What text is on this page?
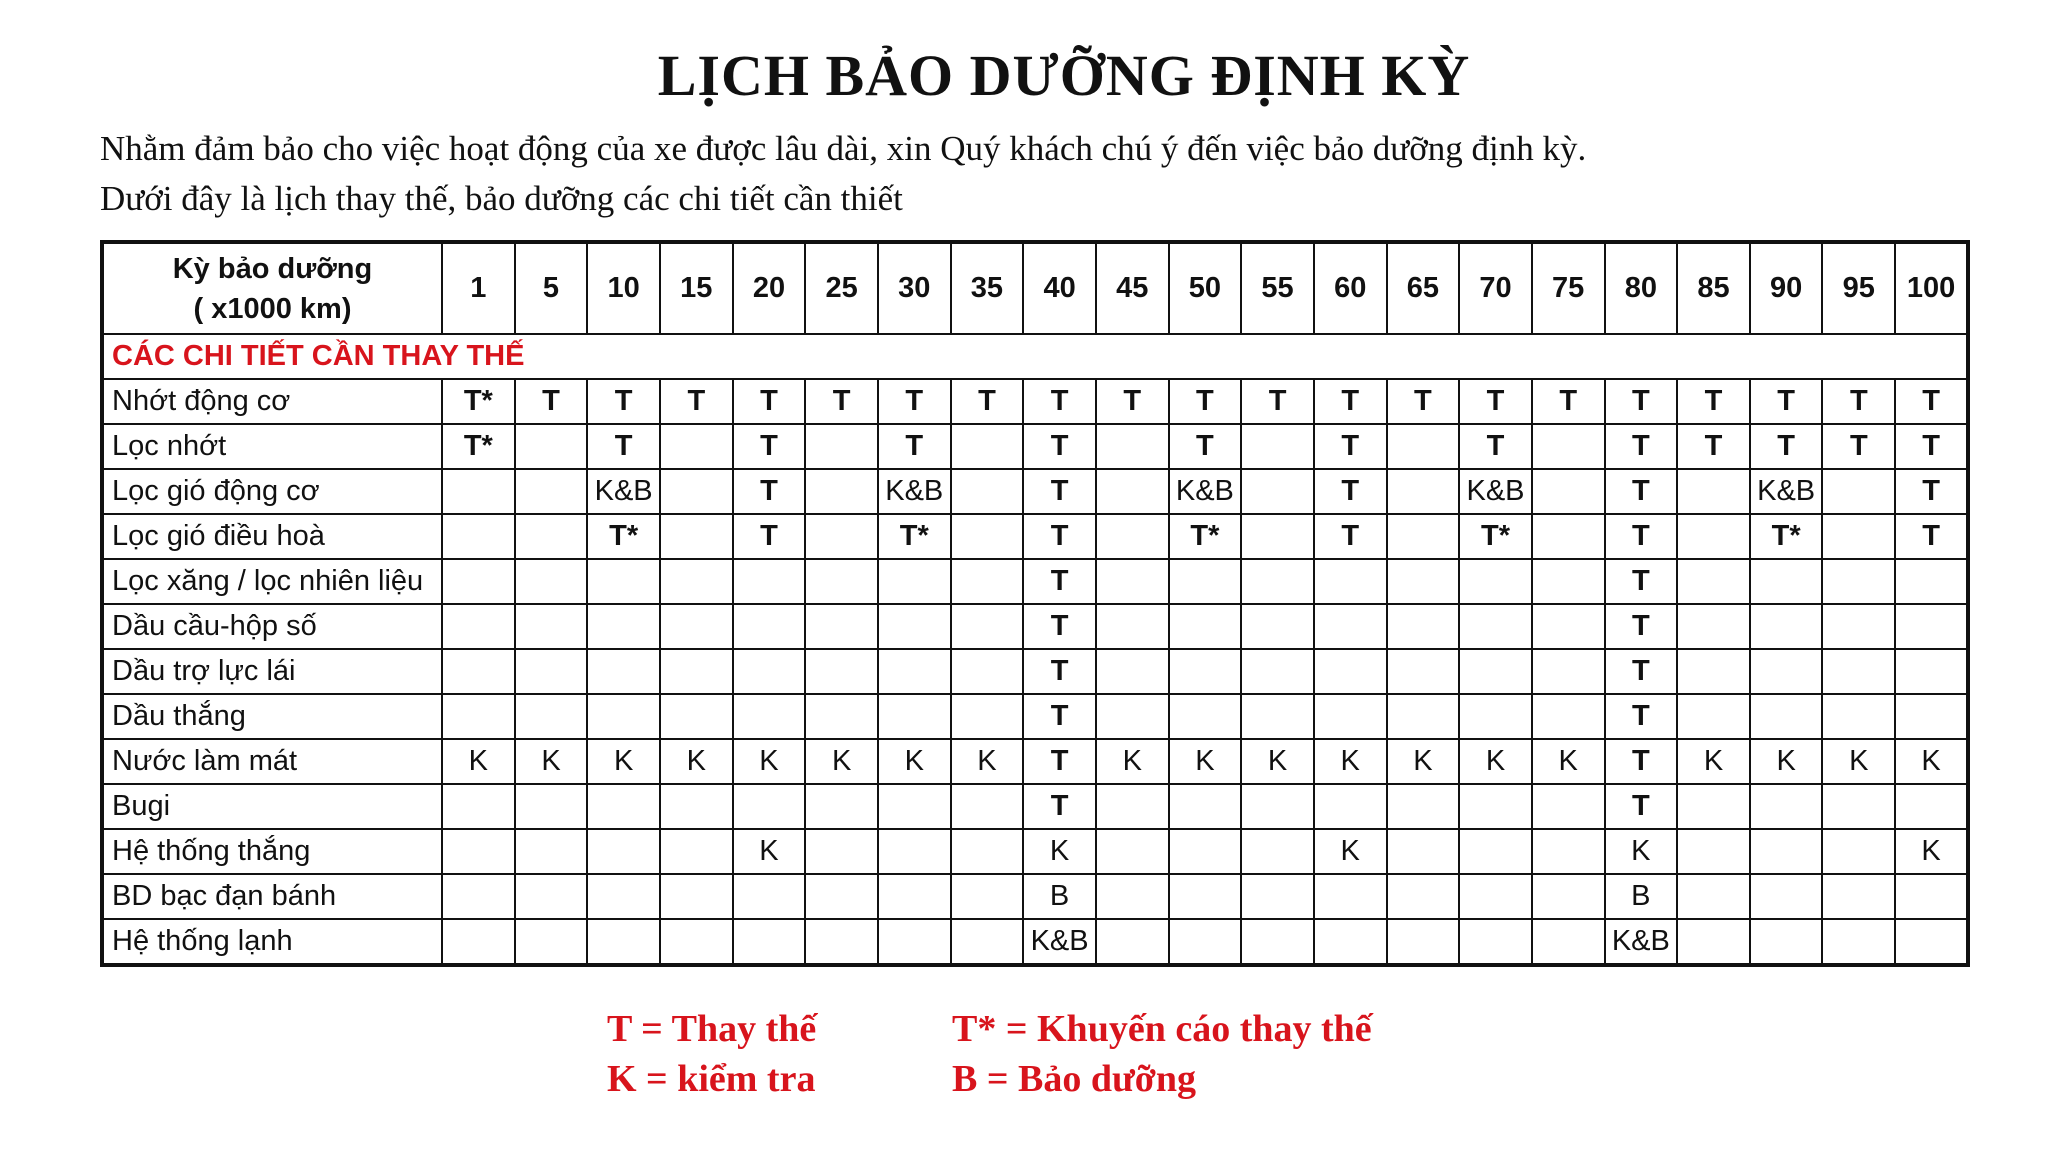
LỊCH BẢO DƯỠNG ĐỊNH KỲ
Nhằm đảm bảo cho việc hoạt động của xe được lâu dài, xin Quý khách chú ý đến việc bảo dưỡng định kỳ.
Dưới đây là lịch thay thế, bảo dưỡng các chi tiết cần thiết
Kỳ bảo dưỡng
( x1000 km)	1	5	10	15	20	25	30	35	40	45	50	55	60	65	70	75	80	85	90	95	100
CÁC CHI TIẾT CẦN THAY THẾ																					
Nhớt động cơ	T*	T	T	T	T	T	T	T	T	T	T	T	T	T	T	T	T	T	T	T	T
Lọc nhớt	T*		T		T		T		T		T		T		T		T	T	T	T	T
Lọc gió động cơ			K&B		T		K&B		T		K&B		T		K&B		T		K&B		T
Lọc gió điều hoà			T*		T		T*		T		T*		T		T*		T		T*		T
Lọc xăng / lọc nhiên liệu									T								T				
Dầu cầu-hộp số									T								T				
Dầu trợ lực lái									T								T				
Dầu thắng									T								T				
Nước làm mát	K	K	K	K	K	K	K	K	T	K	K	K	K	K	K	K	T	K	K	K	K
Bugi									T								T				
Hệ thống thắng					K				K				K				K				K
BD bạc đạn bánh									B								B				
Hệ thống lạnh									K&B								K&B				
T = Thay thế
K = kiểm tra
T* = Khuyến cáo thay thế
B = Bảo dưỡng
